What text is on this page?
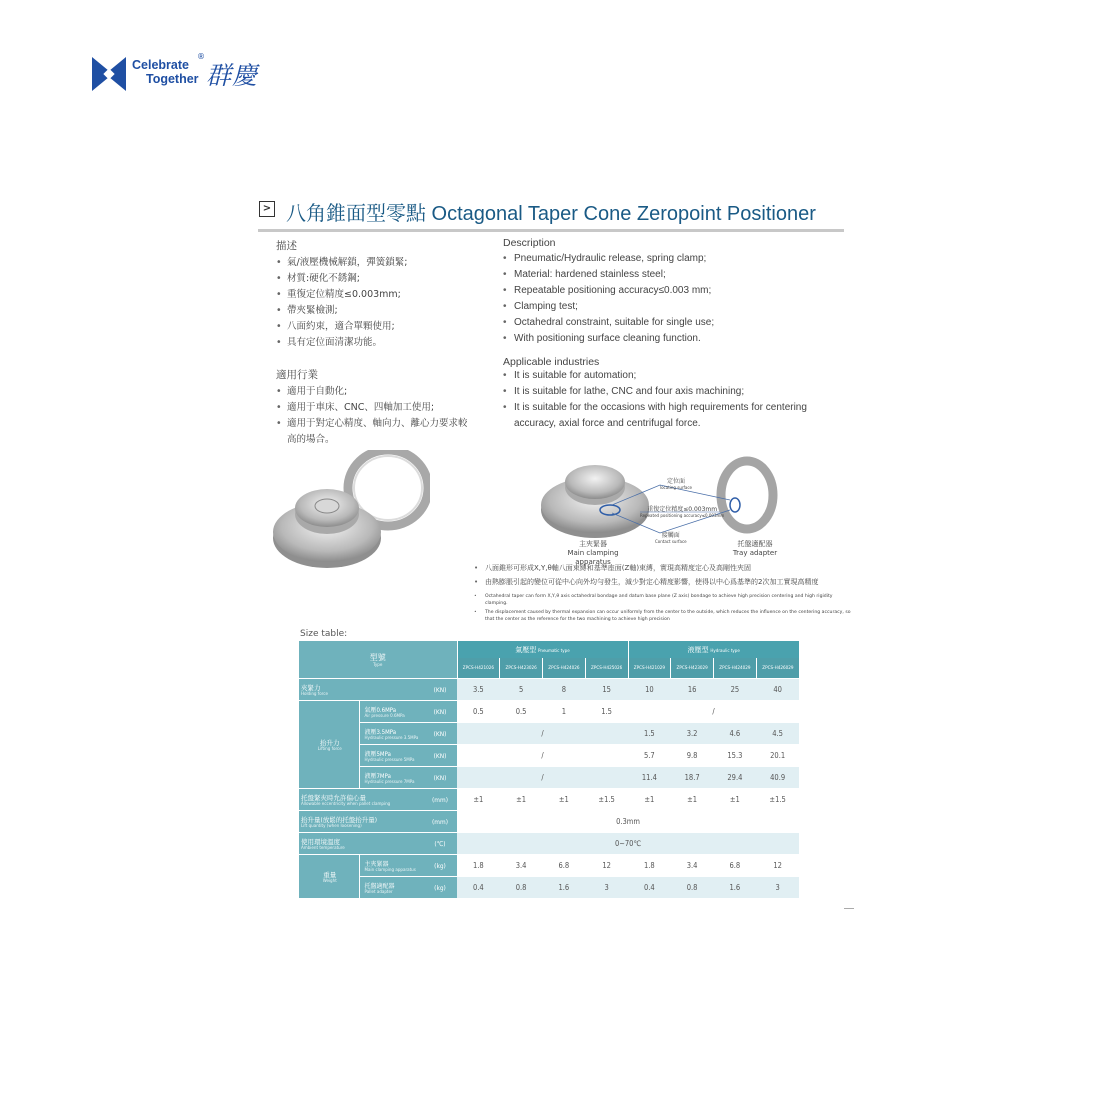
Celebrate
Together
®
群慶
> 八角錐面型零點 Octagonal Taper Cone Zeropoint Positioner
描述
• 氣/液壓機械解鎖，彈簧鎖緊;
• 材質:硬化不銹鋼;
• 重復定位精度≤0.003mm;
• 帶夾緊檢測;
• 八面約束，適合單顆使用;
• 具有定位面清潔功能。
適用行業
• 適用于自動化;
• 適用于車床、CNC、四軸加工使用;
• 適用于對定心精度、軸向力、離心力要求較高的場合。
Description
• Pneumatic/Hydraulic release, spring clamp;
• Material: hardened stainless steel;
• Repeatable positioning accuracy≤0.003 mm;
• Clamping test;
• Octahedral constraint, suitable for single use;
• With positioning surface cleaning function.
Applicable industries
• It is suitable for automation;
• It is suitable for lathe, CNC and four axis machining;
• It is suitable for the occasions with high requirements for centering accuracy, axial force and centrifugal force.
定位面
locating surface
重復定位精度≤0.003mm
Repeated positioning accuracy≤0.003mm
接觸面
Contact surface
主夾緊器
Main clamping apparatus
托盤適配器
Tray adapter
• 八面錐形可形成X,Y,θ軸八面束縛和基準座面(Z軸)束縛，實現高精度定心及高剛性夾固
• 由熱膨脹引起的變位可從中心向外均勻發生，減少對定心精度影響，使得以中心爲基準的2次加工實現高精度
• Octahedral taper can form X,Y,θ axis octahedral bondage and datum base plane (Z axis) bondage to achieve high precision centering and high rigidity clamping.
• The displacement caused by thermal expansion can occur uniformly from the center to the outside, which reduces the influence on the centering accuracy, so that the center as the reference for the two machining to achieve high precision
Size table:
型號
Type			氣壓型 Pneumatic type				液壓型 Hydraulic type			
			ZPCS-H421026	ZPCS-H423026	ZPCS-H424026	ZPCS-H425026	ZPCS-H421029	ZPCS-H423029	ZPCS-H424029	ZPCS-H426029
夾緊力
Holding force		(KN)	3.5	5	8	15	10	16	25	40
抬升力
Lifting force	氣壓0.6MPa
Air pressure 0.6MPa	(KN)	0.5	0.5	1	1.5	/			
	液壓3.5MPa
Hydraulic pressure 3.5MPa	(KN)	/				1.5	3.2	4.6	4.5
	液壓5MPa
Hydraulic pressure 5MPa	(KN)	/				5.7	9.8	15.3	20.1
	液壓7MPa
Hydraulic pressure 7MPa	(KN)	/				11.4	18.7	29.4	40.9
托盤緊夾時允許偏心量
Allowable eccentricity when pallet clamping		(mm)	±1	±1	±1	±1.5	±1	±1	±1	±1.5
抬升量(放鬆的托盤抬升量)
Lift quantity (when loosening)		(mm)	0.3mm							
使用環境溫度
Ambient temperature		(℃)	0~70℃							
重量
Weight	主夾緊器
Main clamping apparatus	(kg)	1.8	3.4	6.8	12	1.8	3.4	6.8	12
	托盤適配器
Pallet adapter	(kg)	0.4	0.8	1.6	3	0.4	0.8	1.6	3
